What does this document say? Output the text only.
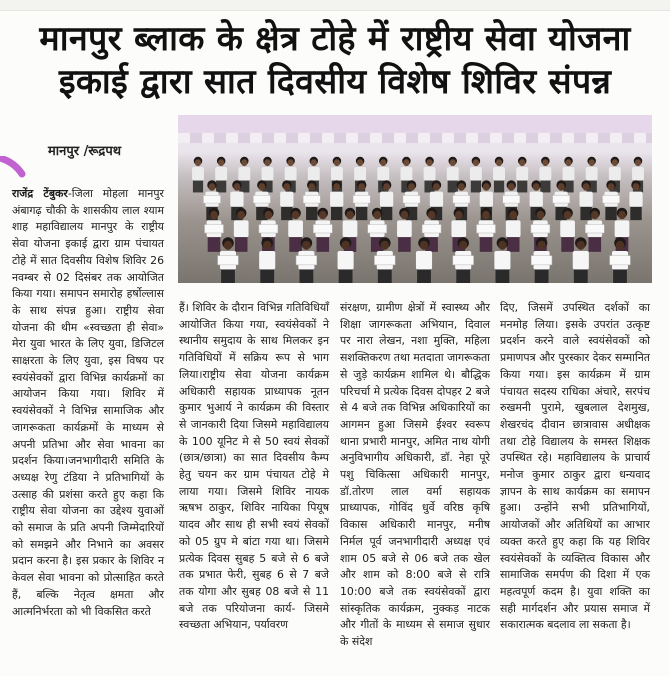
मानपुर ब्लाक के क्षेत्र टोहे में राष्ट्रीय सेवा योजना
इकाई द्वारा सात दिवसीय विशेष शिविर संपन्न
मानपुर /रूद्रपथ
राजेंद्र टेंबुकर-जिला मोहला मानपुर अंबागढ़ चौकी के शासकीय लाल श्याम शाह महाविद्यालय मानपुर के राष्ट्रीय सेवा योजना इकाई द्वारा ग्राम पंचायत टोहे में सात दिवसीय विशेष शिविर 26 नवम्बर से 02 दिसंबर तक आयोजित किया गया। समापन समारोह हर्षोल्लास के साथ संपन्न हुआ। राष्ट्रीय सेवा योजना की थीम «स्वच्छता ही सेवा» मेरा युवा भारत के लिए युवा, डिजिटल साक्षरता के लिए युवा, इस विषय पर स्वयंसेवकों द्वारा विभिन्न कार्यक्रमों का आयोजन किया गया। शिविर में स्वयंसेवकों ने विभिन्न सामाजिक और जागरूकता कार्यक्रमों के माध्यम से अपनी प्रतिभा और सेवा भावना का प्रदर्शन किया।जनभागीदारी समिति के अध्यक्ष रेणु टंडिया ने प्रतिभागियों के उत्साह की प्रशंसा करते हुए कहा कि राष्ट्रीय सेवा योजना का उद्देश्य युवाओं को समाज के प्रति अपनी जिम्मेदारियों को समझने और निभाने का अवसर प्रदान करना है। इस प्रकार के शिविर न केवल सेवा भावना को प्रोत्साहित करते हैं, बल्कि नेतृत्व क्षमता और आत्मनिर्भरता को भी विकसित करते
हैं। शिविर के दौरान विभिन्न गतिविधियाँ आयोजित किया गया, स्वयंसेवकों ने स्थानीय समुदाय के साथ मिलकर इन गतिविधियों में सक्रिय रूप से भाग लिया।राष्ट्रीय सेवा योजना कार्यक्रम अधिकारी सहायक प्राध्यापक नूतन कुमार भुआर्य ने कार्यक्रम की विस्तार से जानकारी दिया जिसमे महाविद्यालय के 100 यूनिट मे से 50 स्वयं सेवकों (छात्र/छात्रा) का सात दिवसीय कैम्प हेतु चयन कर ग्राम पंचायत टोहे मे लाया गया। जिसमे शिविर नायक ऋषभ ठाकुर, शिविर नायिका पियूष यादव और साथ ही सभी स्वयं सेवकों को 05 ग्रुप मे बांटा गया था। जिसमे प्रत्येक दिवस सुबह 5 बजे से 6 बजे तक प्रभात फेरी, सुबह 6 से 7 बजे तक योगा और सुबह 08 बजे से 11 बजे तक परियोजना कार्य- जिसमे स्वच्छता अभियान, पर्यावरण
संरक्षण, ग्रामीण क्षेत्रों में स्वास्थ्य और शिक्षा जागरूकता अभियान, दिवाल पर नारा लेखन, नशा मुक्ति, महिला सशक्तिकरण तथा मतदाता जागरूकता से जुड़े कार्यक्रम शामिल थे। बौद्धिक परिचर्चा मे प्रत्येक दिवस दोपहर 2 बजे से 4 बजे तक विभिन्न अधिकारियों का आगमन हुआ जिसमे ईश्वर स्वरूप थाना प्रभारी मानपुर, अमित नाथ योगी अनुविभागीय अधिकारी, डॉ. नेहा पूरे पशु चिकित्सा अधिकारी मानपुर, डॉ.तोरण लाल वर्मा सहायक प्राध्यापक, गोविंद धुर्वे वरिष्ठ कृषि विकास अधिकारी मानपुर, मनीष निर्मल पूर्व जनभागीदारी अध्यक्ष एवं शाम 05 बजे से 06 बजे तक खेल और शाम को 8:00 बजे से रात्रि 10:00 बजे तक स्वयंसेवकों द्वारा सांस्कृतिक कार्यक्रम, नुक्कड़ नाटक और गीतों के माध्यम से समाज सुधार के संदेश
दिए, जिसमें उपस्थित दर्शकों का मनमोह लिया। इसके उपरांत उत्कृष्ट प्रदर्शन करने वाले स्वयंसेवकों को प्रमाणपत्र और पुरस्कार देकर सम्मानित किया गया। इस कार्यक्रम में ग्राम पंचायत सदस्य राधिका अंचारे, सरपंच रुखमनी पुरामे, खुबलाल देशमुख, शेखरचंद दीवान छात्रावास अधीक्षक तथा टोहे विद्यालय के समस्त शिक्षक उपस्थित रहे। महाविद्यालय के प्राचार्य मनोज कुमार ठाकुर द्वारा धन्यवाद ज्ञापन के साथ कार्यक्रम का समापन हुआ। उन्होंने सभी प्रतिभागियों, आयोजकों और अतिथियों का आभार व्यक्त करते हुए कहा कि यह शिविर स्वयंसेवकों के व्यक्तित्व विकास और सामाजिक समर्पण की दिशा में एक महत्वपूर्ण कदम है। युवा शक्ति का सही मार्गदर्शन और प्रयास समाज में सकारात्मक बदलाव ला सकता है।
